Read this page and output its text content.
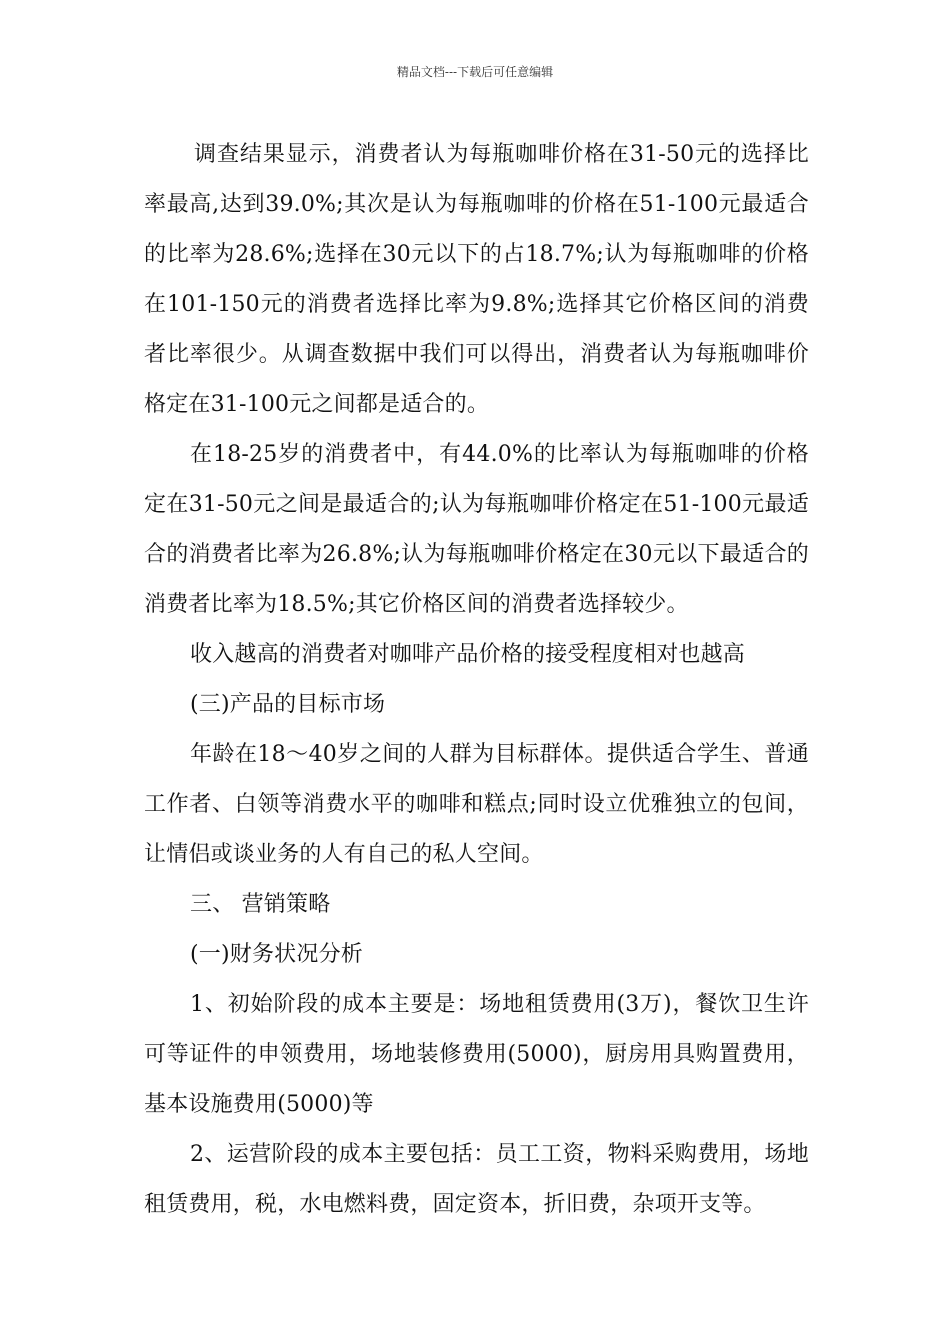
精品文档---下载后可任意编辑

调查结果显示，消费者认为每瓶咖啡价格在31-50元的选择比率最高,达到39.0%;其次是认为每瓶咖啡的价格在51-100元最适合的比率为28.6%;选择在30元以下的占18.7%;认为每瓶咖啡的价格在101-150元的消费者选择比率为9.8%;选择其它价格区间的消费者比率很少。从调查数据中我们可以得出，消费者认为每瓶咖啡价格定在31-100元之间都是适合的。

在18-25岁的消费者中，有44.0%的比率认为每瓶咖啡的价格定在31-50元之间是最适合的;认为每瓶咖啡价格定在51-100元最适合的消费者比率为26.8%;认为每瓶咖啡价格定在30元以下最适合的消费者比率为18.5%;其它价格区间的消费者选择较少。

收入越高的消费者对咖啡产品价格的接受程度相对也越高

(三)产品的目标市场

年龄在18～40岁之间的人群为目标群体。提供适合学生、普通工作者、白领等消费水平的咖啡和糕点;同时设立优雅独立的包间，让情侣或谈业务的人有自己的私人空间。

三、 营销策略

(一)财务状况分析

1、初始阶段的成本主要是：场地租赁费用(3万)，餐饮卫生许可等证件的申领费用，场地装修费用(5000)，厨房用具购置费用，基本设施费用(5000)等

2、运营阶段的成本主要包括：员工工资，物料采购费用，场地租赁费用，税，水电燃料费，固定资本，折旧费，杂项开支等。
